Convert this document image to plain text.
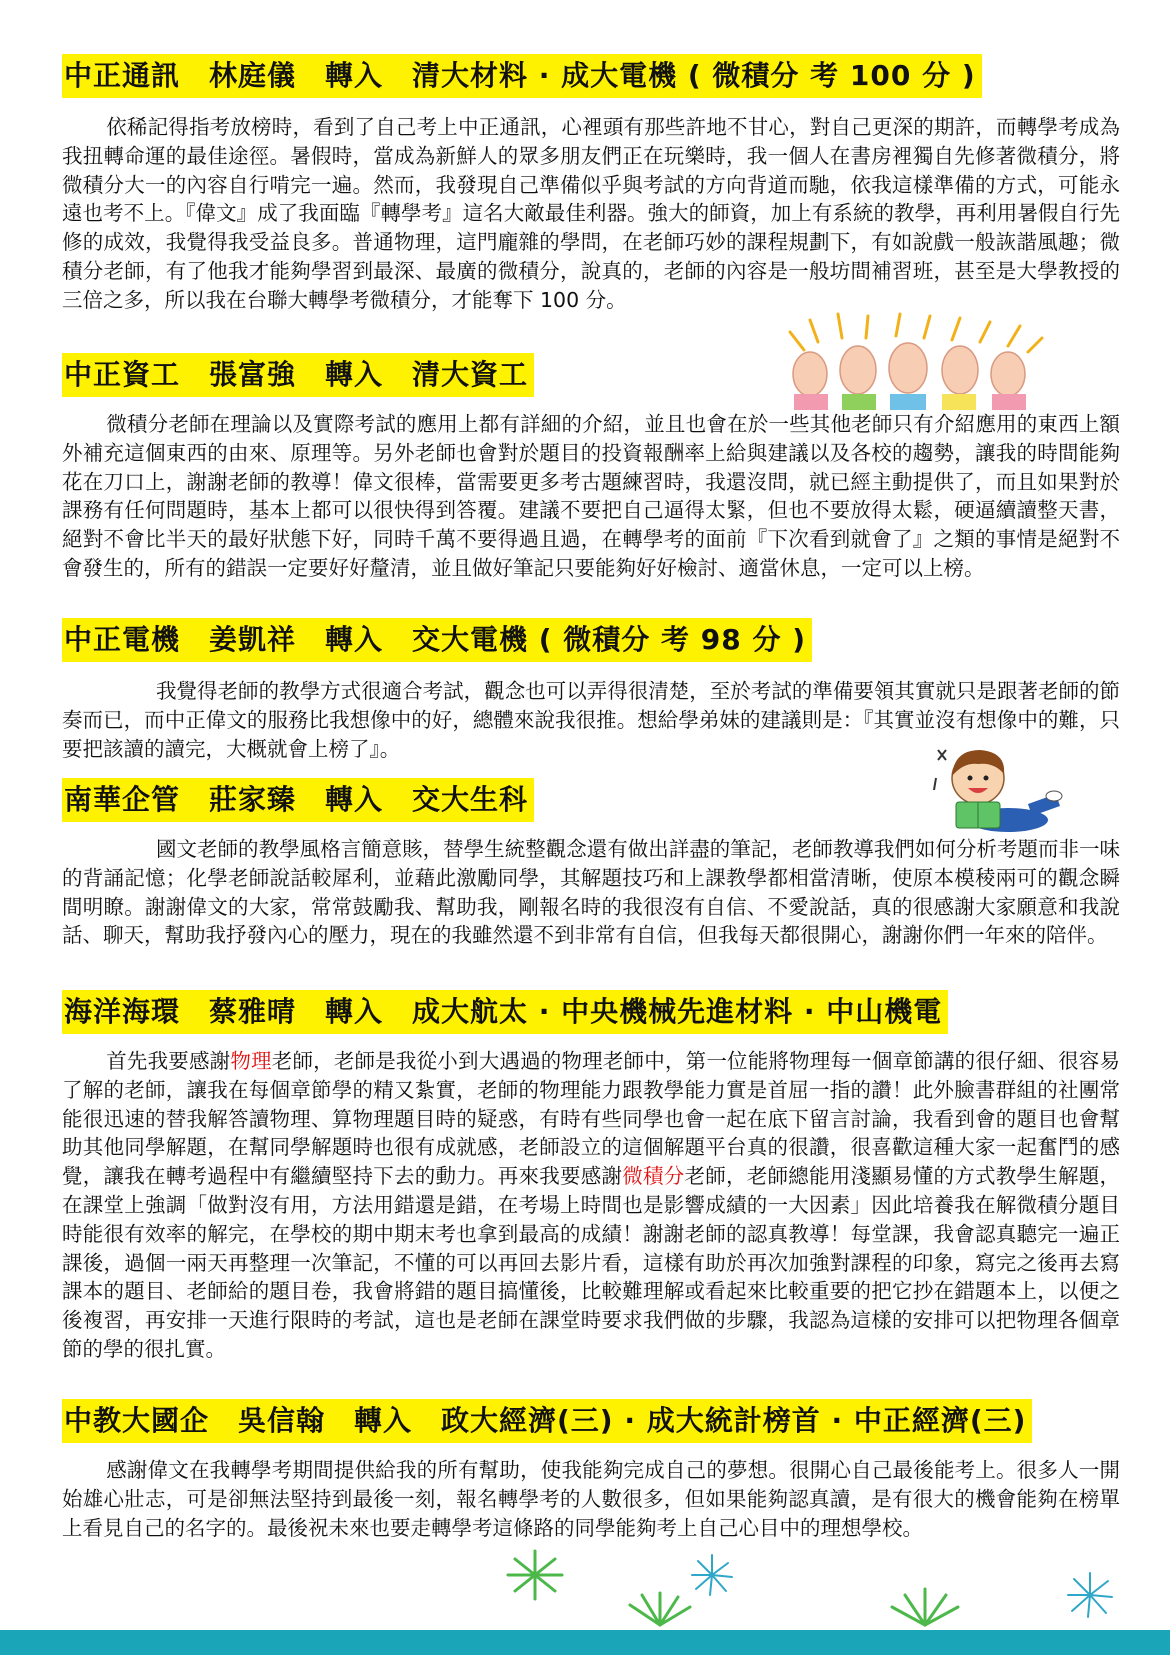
中正通訊　林庭儀　轉入　清大材料 · 成大電機 ( 微積分 考 100 分 )

依稀記得指考放榜時，看到了自己考上中正通訊，心裡頭有那些許地不甘心，對自己更深的期許，而轉學考成為我扭轉命運的最佳途徑。暑假時，當成為新鮮人的眾多朋友們正在玩樂時，我一個人在書房裡獨自先修著微積分，將微積分大一的內容自行啃完一遍。然而，我發現自己準備似乎與考試的方向背道而馳，依我這樣準備的方式，可能永遠也考不上。『偉文』成了我面臨『轉學考』這名大敵最佳利器。強大的師資，加上有系統的教學，再利用暑假自行先修的成效，我覺得我受益良多。普通物理，這門龐雜的學問，在老師巧妙的課程規劃下，有如說戲一般詼諧風趣；微積分老師，有了他我才能夠學習到最深、最廣的微積分，說真的，老師的內容是一般坊間補習班，甚至是大學教授的三倍之多，所以我在台聯大轉學考微積分，才能奪下 100 分。

中正資工　張富強　轉入　清大資工

微積分老師在理論以及實際考試的應用上都有詳細的介紹，並且也會在於一些其他老師只有介紹應用的東西上額外補充這個東西的由來、原理等。另外老師也會對於題目的投資報酬率上給與建議以及各校的趨勢，讓我的時間能夠花在刀口上，謝謝老師的教導！偉文很棒，當需要更多考古題練習時，我還沒問，就已經主動提供了，而且如果對於課務有任何問題時，基本上都可以很快得到答覆。建議不要把自己逼得太緊，但也不要放得太鬆，硬逼續讀整天書，絕對不會比半天的最好狀態下好，同時千萬不要得過且過，在轉學考的面前『下次看到就會了』之類的事情是絕對不會發生的，所有的錯誤一定要好好釐清，並且做好筆記只要能夠好好檢討、適當休息，一定可以上榜。

中正電機　姜凱祥　轉入　交大電機 ( 微積分 考 98 分 )

我覺得老師的教學方式很適合考試，觀念也可以弄得很清楚，至於考試的準備要領其實就只是跟著老師的節奏而已，而中正偉文的服務比我想像中的好，總體來說我很推。想給學弟妹的建議則是：『其實並沒有想像中的難，只要把該讀的讀完，大概就會上榜了』。

南華企管　莊家臻　轉入　交大生科

國文老師的教學風格言簡意賅，替學生統整觀念還有做出詳盡的筆記，老師教導我們如何分析考題而非一味的背誦記憶；化學老師說話較犀利，並藉此激勵同學，其解題技巧和上課教學都相當清晰，使原本模稜兩可的觀念瞬間明瞭。謝謝偉文的大家，常常鼓勵我、幫助我，剛報名時的我很沒有自信、不愛說話，真的很感謝大家願意和我說話、聊天，幫助我抒發內心的壓力，現在的我雖然還不到非常有自信，但我每天都很開心，謝謝你們一年來的陪伴。

海洋海環　蔡雅晴　轉入　成大航太 · 中央機械先進材料 · 中山機電

首先我要感謝物理老師，老師是我從小到大遇過的物理老師中，第一位能將物理每一個章節講的很仔細、很容易了解的老師，讓我在每個章節學的精又紮實，老師的物理能力跟教學能力實是首屈一指的讚！此外臉書群組的社團常能很迅速的替我解答讀物理、算物理題目時的疑惑，有時有些同學也會一起在底下留言討論，我看到會的題目也會幫助其他同學解題，在幫同學解題時也很有成就感，老師設立的這個解題平台真的很讚，很喜歡這種大家一起奮鬥的感覺，讓我在轉考過程中有繼續堅持下去的動力。再來我要感謝微積分老師，老師總能用淺顯易懂的方式教學生解題，在課堂上強調「做對沒有用，方法用錯還是錯，在考場上時間也是影響成績的一大因素」因此培養我在解微積分題目時能很有效率的解完，在學校的期中期末考也拿到最高的成績！謝謝老師的認真教導！每堂課，我會認真聽完一遍正課後，過個一兩天再整理一次筆記，不懂的可以再回去影片看，這樣有助於再次加強對課程的印象，寫完之後再去寫課本的題目、老師給的題目卷，我會將錯的題目搞懂後，比較難理解或看起來比較重要的把它抄在錯題本上，以便之後複習，再安排一天進行限時的考試，這也是老師在課堂時要求我們做的步驟，我認為這樣的安排可以把物理各個章節的學的很扎實。

中教大國企　吳信翰　轉入　政大經濟(三) · 成大統計榜首 · 中正經濟(三)

感謝偉文在我轉學考期間提供給我的所有幫助，使我能夠完成自己的夢想。很開心自己最後能考上。很多人一開始雄心壯志，可是卻無法堅持到最後一刻，報名轉學考的人數很多，但如果能夠認真讀，是有很大的機會能夠在榜單上看見自己的名字的。最後祝未來也要走轉學考這條路的同學能夠考上自己心目中的理想學校。
